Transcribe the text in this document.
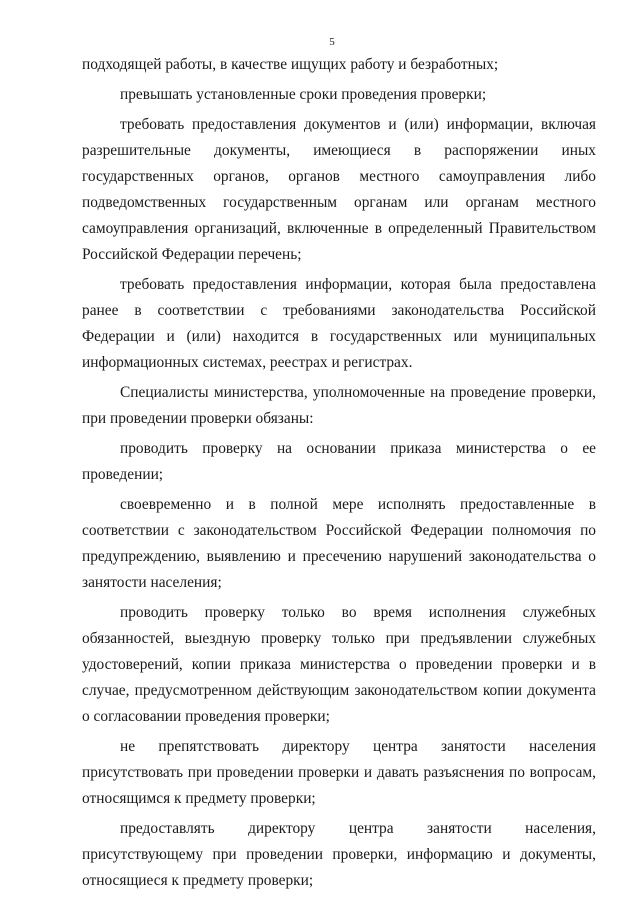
5

подходящей работы, в качестве ищущих работу и безработных;

превышать установленные сроки проведения проверки;

требовать предоставления документов и (или) информации, включая разрешительные документы, имеющиеся в распоряжении иных государственных органов, органов местного самоуправления либо подведомственных государственным органам или органам местного самоуправления организаций, включенные в определенный Правительством Российской Федерации перечень;

требовать предоставления информации, которая была предоставлена ранее в соответствии с требованиями законодательства Российской Федерации и (или) находится в государственных или муниципальных информационных системах, реестрах и регистрах.

Специалисты министерства, уполномоченные на проведение проверки, при проведении проверки обязаны:

проводить проверку на основании приказа министерства о ее проведении;

своевременно и в полной мере исполнять предоставленные в соответствии с законодательством Российской Федерации полномочия по предупреждению, выявлению и пресечению нарушений законодательства о занятости населения;

проводить проверку только во время исполнения служебных обязанностей, выездную проверку только при предъявлении служебных удостоверений, копии приказа министерства о проведении проверки и в случае, предусмотренном действующим законодательством копии документа о согласовании проведения проверки;

не препятствовать директору центра занятости населения присутствовать при проведении проверки и давать разъяснения по вопросам, относящимся к предмету проверки;

предоставлять директору центра занятости населения, присутствующему при проведении проверки, информацию и документы, относящиеся к предмету проверки;
